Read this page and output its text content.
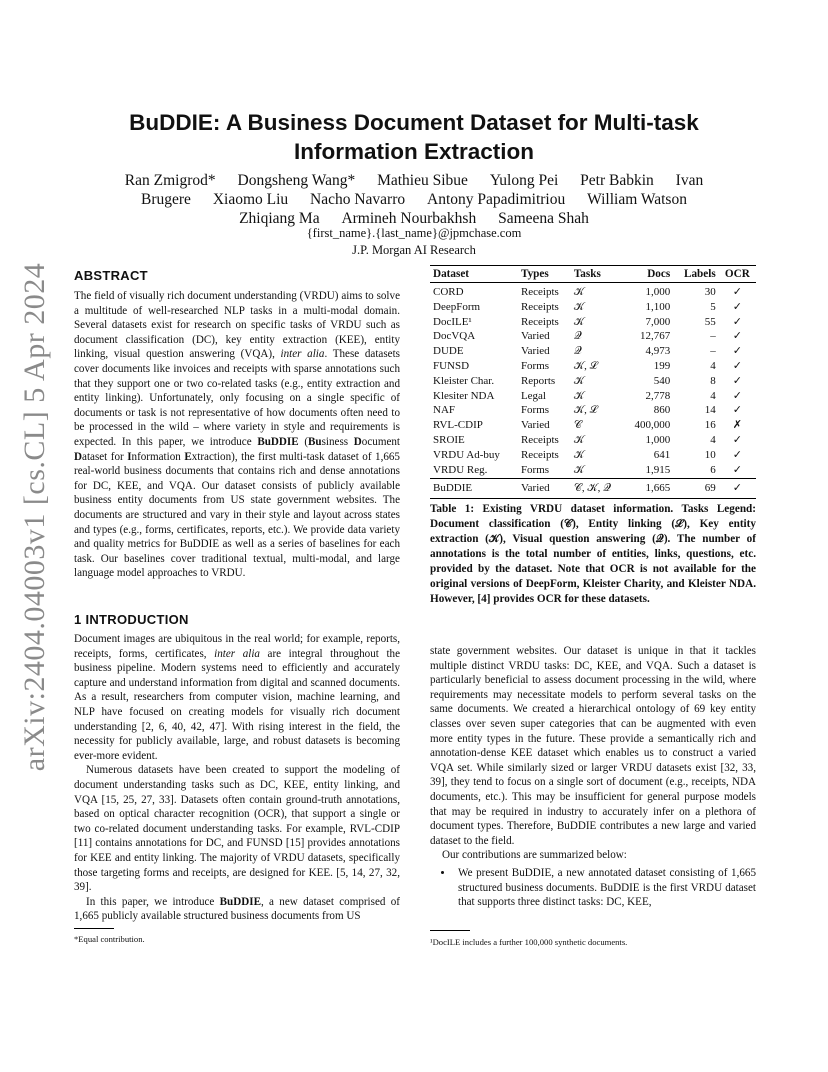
arXiv:2404.04003v1 [cs.CL] 5 Apr 2024
BuDDIE: A Business Document Dataset for Multi-task Information Extraction
Ran Zmigrod* Dongsheng Wang* Mathieu Sibue Yulong Pei Petr Babkin Ivan
Brugere Xiaomo Liu Nacho Navarro Antony Papadimitriou William Watson
Zhiqiang Ma Armineh Nourbakhsh Sameena Shah
{first_name}.{last_name}@jpmchase.com
J.P. Morgan AI Research
ABSTRACT

The field of visually rich document understanding (VRDU) aims to solve a multitude of well-researched NLP tasks in a multi-modal domain. Several datasets exist for research on specific tasks of VRDU such as document classification (DC), key entity extraction (KEE), entity linking, visual question answering (VQA), inter alia. These datasets cover documents like invoices and receipts with sparse annotations such that they support one or two co-related tasks (e.g., entity extraction and entity linking). Unfortunately, only focusing on a single specific of documents or task is not representative of how documents often need to be processed in the wild – where variety in style and requirements is expected. In this paper, we introduce BuDDIE (Business Document Dataset for Information Extraction), the first multi-task dataset of 1,665 real-world business documents that contains rich and dense annotations for DC, KEE, and VQA. Our dataset consists of publicly available business entity documents from US state government websites. The documents are structured and vary in their style and layout across states and types (e.g., forms, certificates, reports, etc.). We provide data variety and quality metrics for BuDDIE as well as a series of baselines for each task. Our baselines cover traditional textual, multi-modal, and large language model approaches to VRDU.

1 INTRODUCTION

Document images are ubiquitous in the real world; for example, reports, receipts, forms, certificates, inter alia are integral throughout the business pipeline. Modern systems need to efficiently and accurately capture and understand information from digital and scanned documents. As a result, researchers from computer vision, machine learning, and NLP have focused on creating models for visually rich document understanding [2, 6, 40, 42, 47]. With rising interest in the field, the necessity for publicly available, large, and robust datasets is becoming ever-more evident.

Numerous datasets have been created to support the modeling of document understanding tasks such as DC, KEE, entity linking, and VQA [15, 25, 27, 33]. Datasets often contain ground-truth annotations, based on optical character recognition (OCR), that support a single or two co-related document understanding tasks. For example, RVL-CDIP [11] contains annotations for DC, and FUNSD [15] provides annotations for KEE and entity linking. The majority of VRDU datasets, specifically those targeting forms and receipts, are designed for KEE. [5, 14, 27, 32, 39].

In this paper, we introduce BuDDIE, a new dataset comprised of 1,665 publicly available structured business documents from US

Dataset	Types	Tasks	Docs	Labels	OCR
CORD	Receipts	𝒦	1,000	30	✓
DeepForm	Receipts	𝒦	1,100	5	✓
DocILE¹	Receipts	𝒦	7,000	55	✓
DocVQA	Varied	𝒬	12,767	–	✓
DUDE	Varied	𝒬	4,973	–	✓
FUNSD	Forms	𝒦, ℒ	199	4	✓
Kleister Char.	Reports	𝒦	540	8	✓
Klesiter NDA	Legal	𝒦	2,778	4	✓
NAF	Forms	𝒦, ℒ	860	14	✓
RVL-CDIP	Varied	𝒞	400,000	16	✗
SROIE	Receipts	𝒦	1,000	4	✓
VRDU Ad-buy	Receipts	𝒦	641	10	✓
VRDU Reg.	Forms	𝒦	1,915	6	✓
BuDDIE	Varied	𝒞, 𝒦, 𝒬	1,665	69	✓
Table 1: Existing VRDU dataset information. Tasks Legend: Document classification (𝒞), Entity linking (ℒ), Key entity extraction (𝒦), Visual question answering (𝒬). The number of annotations is the total number of entities, links, questions, etc. provided by the dataset. Note that OCR is not available for the original versions of DeepForm, Kleister Charity, and Kleister NDA. However, [4] provides OCR for these datasets.

state government websites. Our dataset is unique in that it tackles multiple distinct VRDU tasks: DC, KEE, and VQA. Such a dataset is particularly beneficial to assess document processing in the wild, where requirements may necessitate models to perform several tasks on the same documents. We created a hierarchical ontology of 69 key entity classes over seven super categories that can be augmented with even more entity types in the future. These provide a semantically rich and annotation-dense KEE dataset which enables us to construct a varied VQA set. While similarly sized or larger VRDU datasets exist [32, 33, 39], they tend to focus on a single sort of document (e.g., receipts, NDA documents, etc.). This may be insufficient for general purpose models that may be required in industry to accurately infer on a plethora of document types. Therefore, BuDDIE contributes a new large and varied dataset to the field.

Our contributions are summarized below:

• We present BuDDIE, a new annotated dataset consisting of 1,665 structured business documents. BuDDIE is the first VRDU dataset that supports three distinct tasks: DC, KEE,
*Equal contribution.	¹DocILE includes a further 100,000 synthetic documents.
